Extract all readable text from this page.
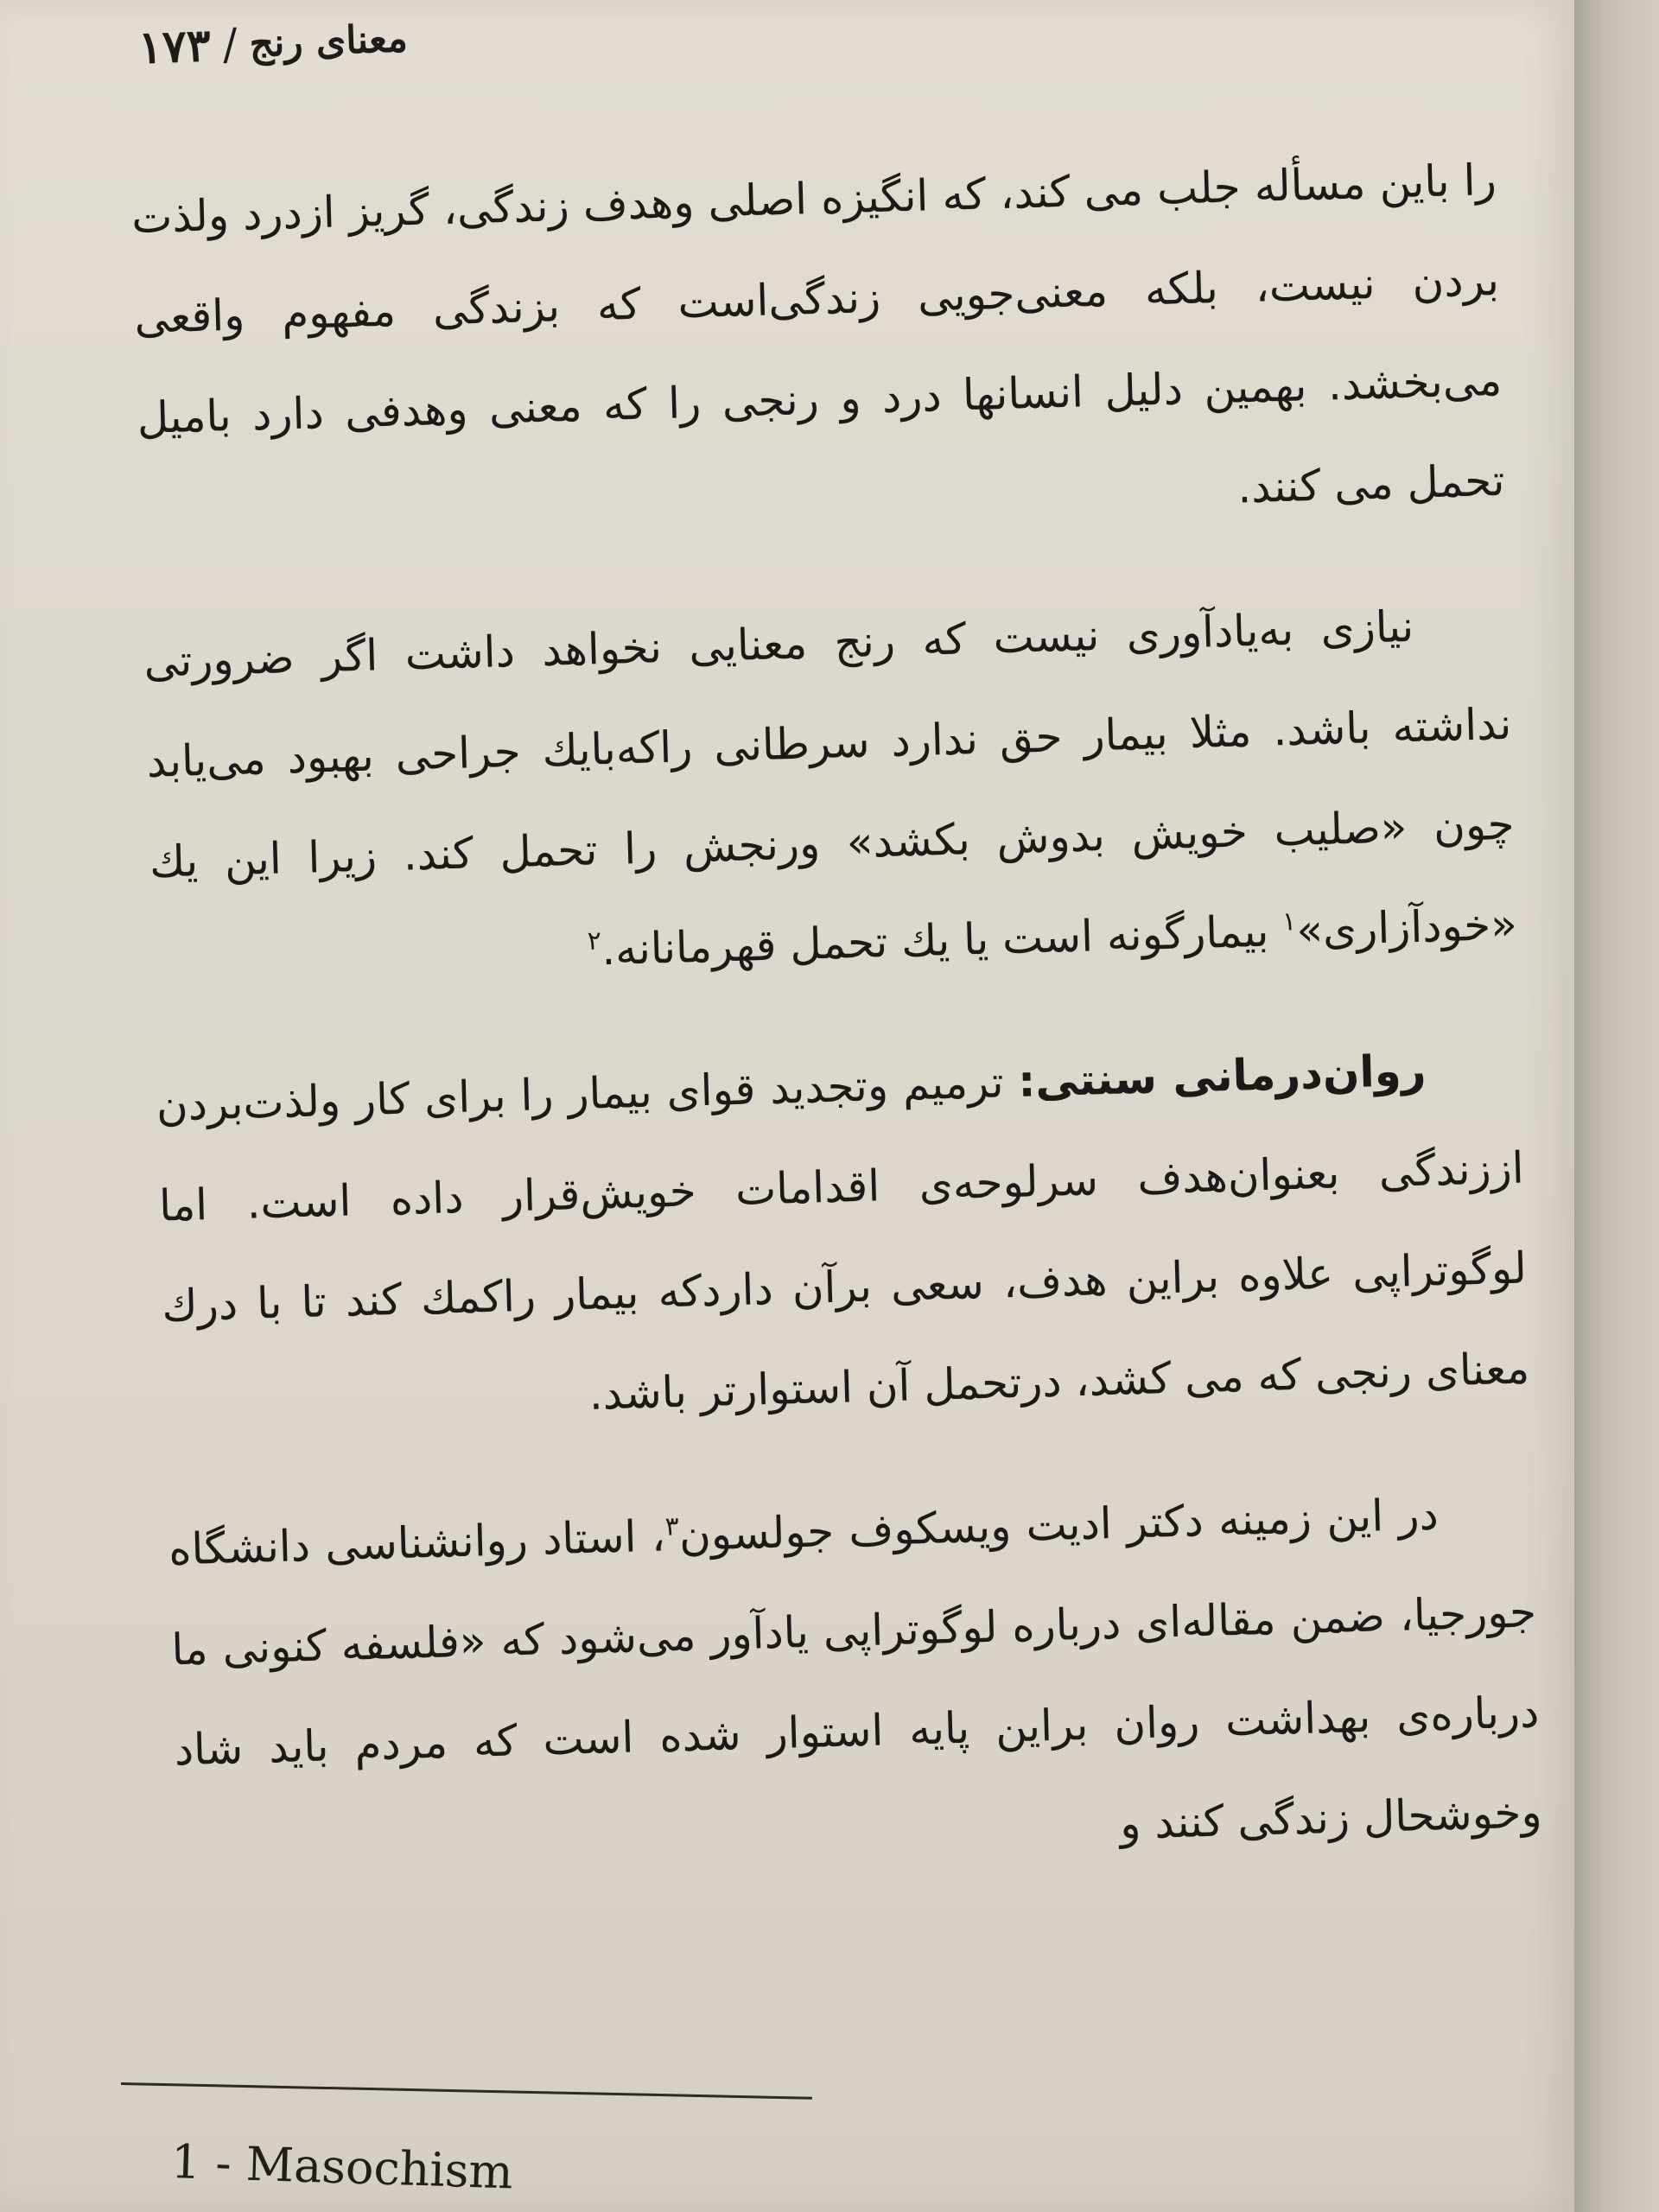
معنای رنج
/
۱۷۳

را باین مسأله جلب می کند، که انگیزه اصلی وهدف زندگی، گریز ازدرد ولذت بردن نیست، بلکه معنی‌جویی زندگی‌است که بزندگی مفهوم واقعی می‌بخشد. بهمین دلیل انسانها درد و رنجی را که معنی وهدفی دارد بامیل تحمل می کنند.

نیازی به‌یادآوری نیست که رنج معنایی نخواهد داشت اگر ضرورتی نداشته باشد. مثلا بیمار حق ندارد سرطانی راکه‌بایك جراحی بهبود می‌یابد چون «صلیب خویش بدوش بکشد» ورنجش را تحمل کند. زیرا این یك «خودآزاری»$^۱$ بیمارگونه است یا یك تحمل قهرمانانه.$^۲$

روان‌درمانی سنتی: ترمیم وتجدید قوای بیمار را برای کار ولذت‌بردن اززندگی بعنوان‌هدف سرلوحه‌ی اقدامات خویش‌قرار داده است. اما لوگوتراپی علاوه براین هدف، سعی برآن داردکه بیمار راکمك کند تا با درك معنای رنجی که می کشد، درتحمل آن استوارتر باشد.

در این زمینه دکتر ادیت ویسکوف جولسون$^۳$، استاد روانشناسی دانشگاه جورجیا، ضمن مقاله‌ای درباره لوگوتراپی یادآور می‌شود که «فلسفه کنونی ما درباره‌ی بهداشت روان براین پایه استوار شده است که مردم باید شاد وخوشحال زندگی کنند و

1 - Masochism
